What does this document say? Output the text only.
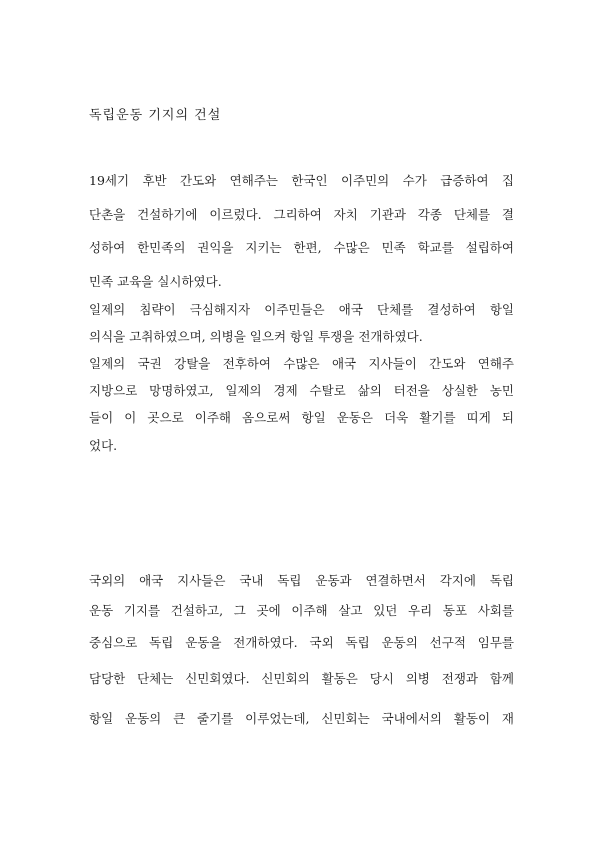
독립운동 기지의 건설
19세기 후반 간도와 연해주는 한국인 이주민의 수가 급증하여 집
단촌을 건설하기에 이르렀다. 그리하여 자치 기관과 각종 단체를 결
성하여 한민족의 권익을 지키는 한편, 수많은 민족 학교를 설립하여
민족 교육을 실시하였다.
일제의 침략이 극심해지자 이주민들은 애국 단체를 결성하여 항일
의식을 고취하였으며, 의병을 일으켜 항일 투쟁을 전개하였다.
일제의 국권 강탈을 전후하여 수많은 애국 지사들이 간도와 연해주
지방으로 망명하였고, 일제의 경제 수탈로 삶의 터전을 상실한 농민
들이 이 곳으로 이주해 옴으로써 항일 운동은 더욱 활기를 띠게 되
었다.
국외의 애국 지사들은 국내 독립 운동과 연결하면서 각지에 독립
운동 기지를 건설하고, 그 곳에 이주해 살고 있던 우리 동포 사회를
중심으로 독립 운동을 전개하였다. 국외 독립 운동의 선구적 임무를
담당한 단체는 신민회였다. 신민회의 활동은 당시 의병 전쟁과 함께
항일 운동의 큰 줄기를 이루었는데, 신민회는 국내에서의 활동이 재
